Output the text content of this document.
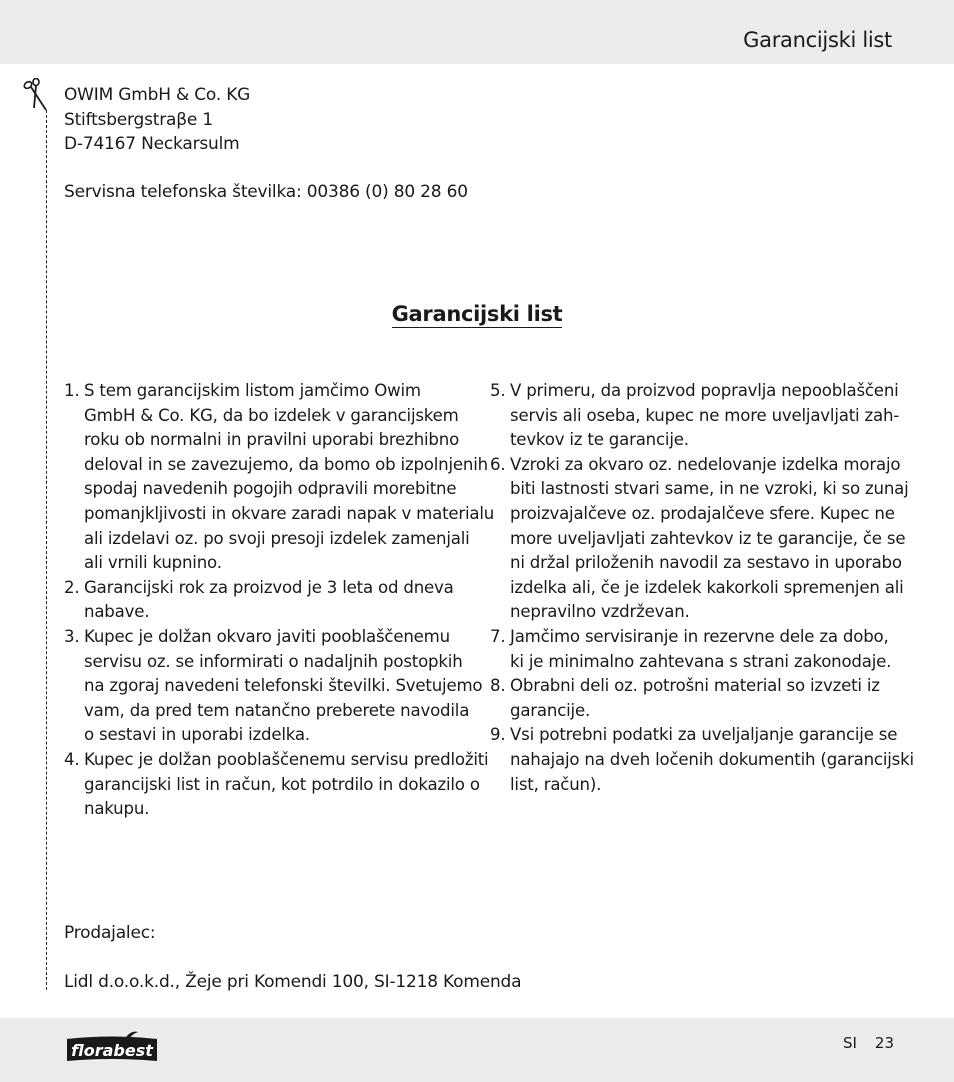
Garancijski list
OWIM GmbH & Co. KG
Stiftsbergstraβe 1
D-74167 Neckarsulm
Servisna telefonska številka: 00386 (0) 80 28 60
Garancijski list
1. S tem garancijskim listom jamčimo Owim
GmbH & Co. KG, da bo izdelek v garancijskem
roku ob normalni in pravilni uporabi brezhibno
deloval in se zavezujemo, da bomo ob izpolnjenih
spodaj navedenih pogojih odpravili morebitne
pomanjkljivosti in okvare zaradi napak v materialu
ali izdelavi oz. po svoji presoji izdelek zamenjali
ali vrnili kupnino.
2. Garancijski rok za proizvod je 3 leta od dneva
nabave.
3. Kupec je dolžan okvaro javiti pooblaščenemu
servisu oz. se informirati o nadaljnih postopkih
na zgoraj navedeni telefonski številki. Svetujemo
vam, da pred tem natančno preberete navodila
o sestavi in uporabi izdelka.
4. Kupec je dolžan pooblaščenemu servisu predložiti
garancijski list in račun, kot potrdilo in dokazilo o
nakupu.
5. V primeru, da proizvod popravlja nepooblaščeni
servis ali oseba, kupec ne more uveljavljati zah-
tevkov iz te garancije.
6. Vzroki za okvaro oz. nedelovanje izdelka morajo
biti lastnosti stvari same, in ne vzroki, ki so zunaj
proizvajalčeve oz. prodajalčeve sfere. Kupec ne
more uveljavljati zahtevkov iz te garancije, če se
ni držal priloženih navodil za sestavo in uporabo
izdelka ali, če je izdelek kakorkoli spremenjen ali
nepravilno vzdrževan.
7. Jamčimo servisiranje in rezervne dele za dobo,
ki je minimalno zahtevana s strani zakonodaje.
8. Obrabni deli oz. potrošni material so izvzeti iz
garancije.
9. Vsi potrebni podatki za uveljaljanje garancije se
nahajajo na dveh ločenih dokumentih (garancijski
list, račun).
Prodajalec:
Lidl d.o.o.k.d., Žeje pri Komendi 100, SI-1218 Komenda
florabest	SI 23
